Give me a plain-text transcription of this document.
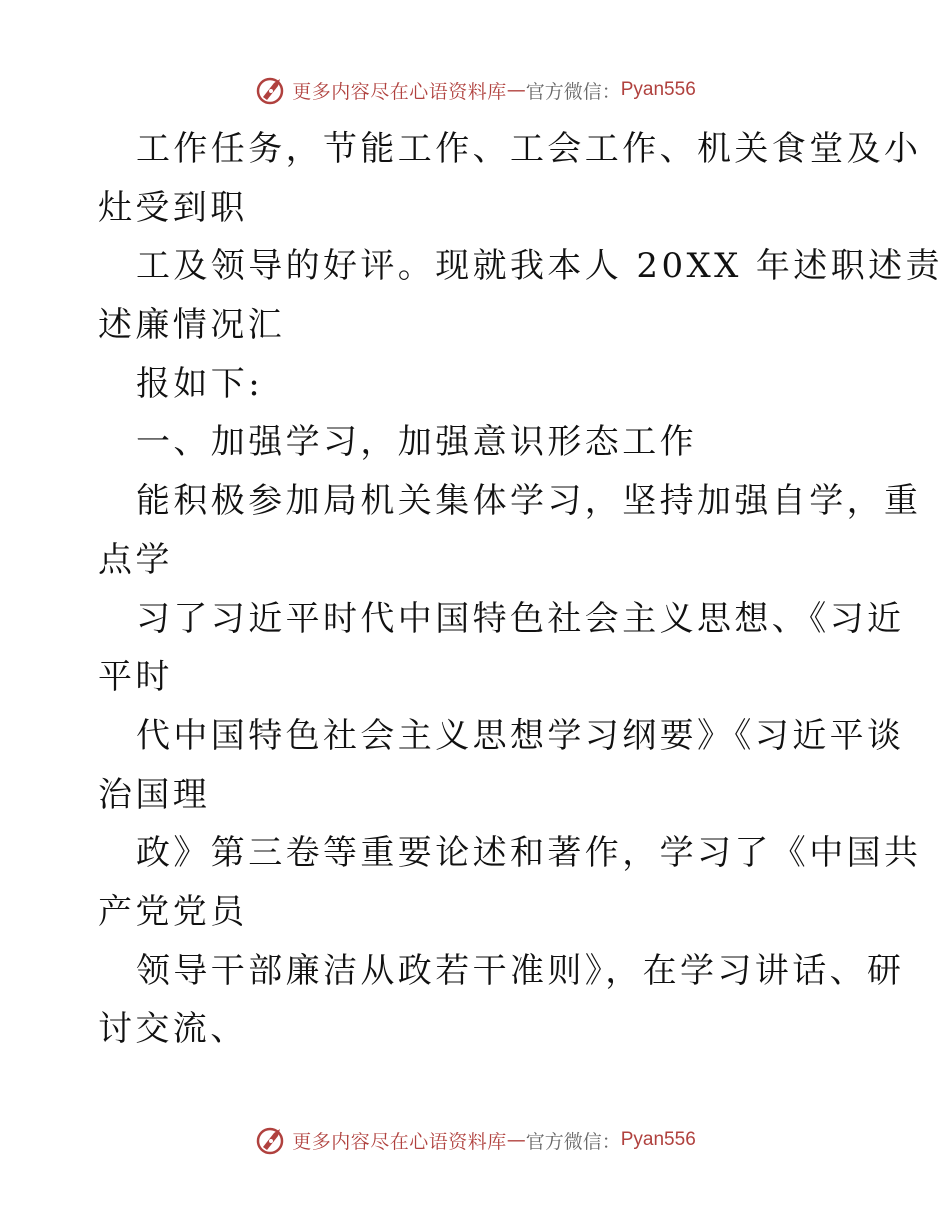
更多内容尽在心语资料库 — 官方微信： Pyan556
工作任务，节能工作、工会工作、机关食堂及小
灶受到职
工及领导的好评。现就我本人 20XX 年述职述责
述廉情况汇
报如下:
一、加强学习，加强意识形态工作
能积极参加局机关集体学习，坚持加强自学，重
点学
习了习近平时代中国特色社会主义思想、《习近
平时
代中国特色社会主义思想学习纲要》《习近平谈
治国理
政》第三卷等重要论述和著作，学习了《中国共
产党党员
领导干部廉洁从政若干准则》，在学习讲话、研
讨交流、
更多内容尽在心语资料库 — 官方微信： Pyan556
